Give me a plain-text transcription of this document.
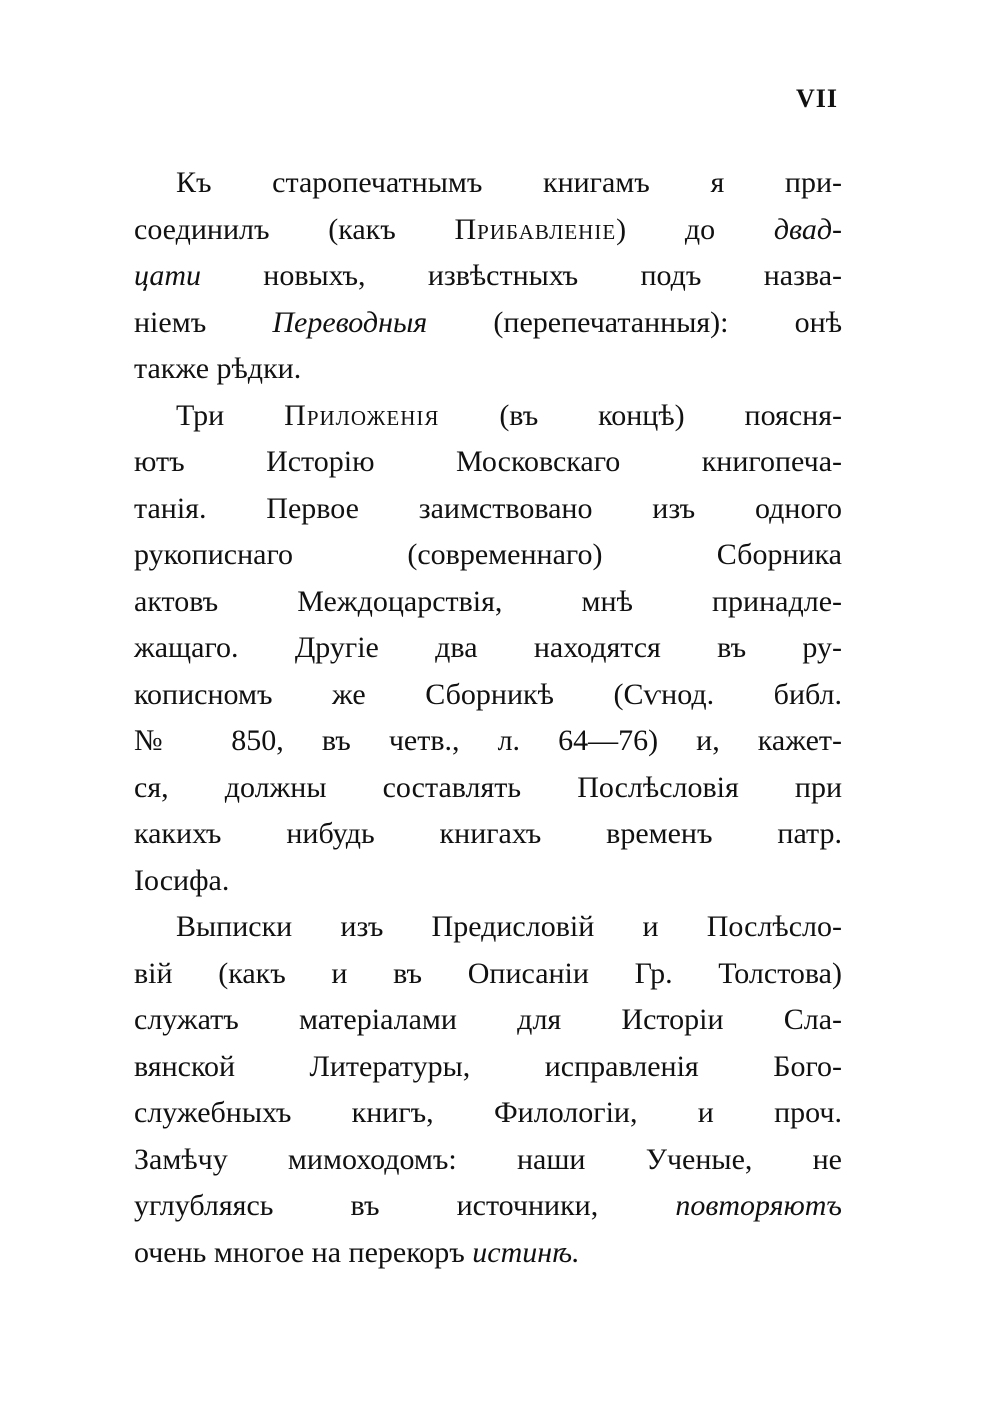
VII
Къ старопечатнымъ книгамъ я при-
соединилъ (какъ Прибавленіе) до двад-
цати новыхъ, извѣстныхъ подъ назва-
ніемъ Переводныя (перепечатанныя): онѣ
также рѣдки.
Три Приложенія (въ концѣ) поясня-
ютъ Исторію Московскаго книгопеча-
танія. Первое заимствовано изъ одного
рукописнаго (современнаго) Сборника
актовъ Междоцарствія, мнѣ принадле-
жащаго. Другіе два находятся въ ру-
кописномъ же Сборникѣ (Сѵнод. библ.
№ 850, въ четв., л. 64—76) и, кажет-
ся, должны составлять Послѣсловія при
какихъ нибудь книгахъ временъ патр.
Іосифа.
Выписки изъ Предисловій и Послѣсло-
вій (какъ и въ Описаніи Гр. Толстова)
служатъ матеріалами для Исторіи Сла-
вянской Литературы, исправленія Бого-
служебныхъ книгъ, Филологіи, и проч.
Замѣчу мимоходомъ: наши Ученые, не
углубляясь въ источники, повторяютъ
очень многое на перекоръ истинѣ.
